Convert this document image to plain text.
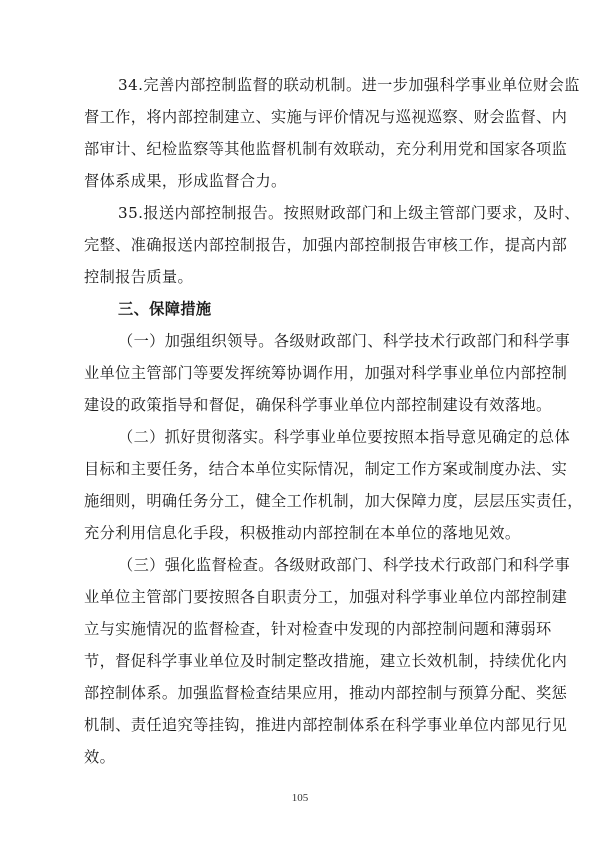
34.完善内部控制监督的联动机制。进一步加强科学事业单位财会监
督工作，将内部控制建立、实施与评价情况与巡视巡察、财会监督、内
部审计、纪检监察等其他监督机制有效联动，充分利用党和国家各项监
督体系成果，形成监督合力。
35.报送内部控制报告。按照财政部门和上级主管部门要求，及时、
完整、准确报送内部控制报告，加强内部控制报告审核工作，提高内部
控制报告质量。
三、保障措施
（一）加强组织领导。各级财政部门、科学技术行政部门和科学事
业单位主管部门等要发挥统筹协调作用，加强对科学事业单位内部控制
建设的政策指导和督促，确保科学事业单位内部控制建设有效落地。
（二）抓好贯彻落实。科学事业单位要按照本指导意见确定的总体
目标和主要任务，结合本单位实际情况，制定工作方案或制度办法、实
施细则，明确任务分工，健全工作机制，加大保障力度，层层压实责任，
充分利用信息化手段，积极推动内部控制在本单位的落地见效。
（三）强化监督检查。各级财政部门、科学技术行政部门和科学事
业单位主管部门要按照各自职责分工，加强对科学事业单位内部控制建
立与实施情况的监督检查，针对检查中发现的内部控制问题和薄弱环
节，督促科学事业单位及时制定整改措施，建立长效机制，持续优化内
部控制体系。加强监督检查结果应用，推动内部控制与预算分配、奖惩
机制、责任追究等挂钩，推进内部控制体系在科学事业单位内部见行见
效。
105
